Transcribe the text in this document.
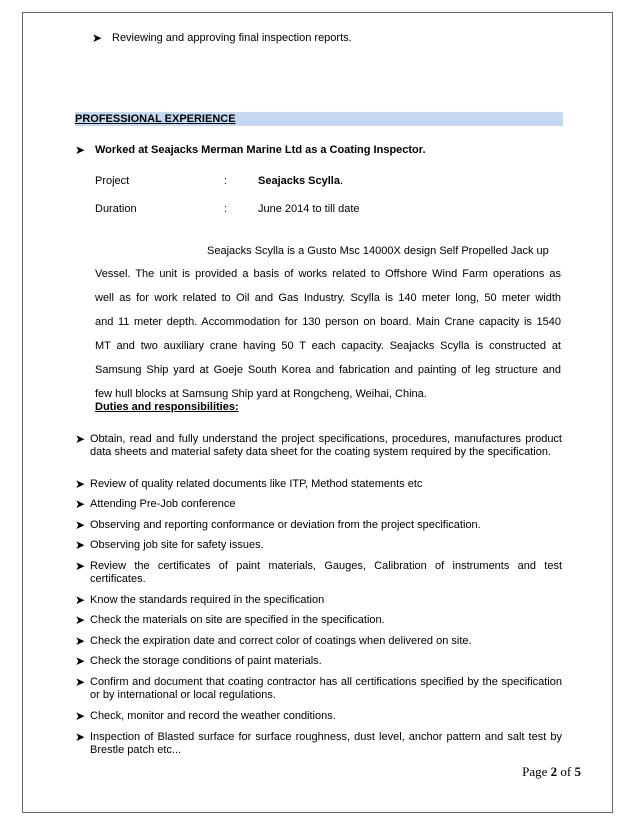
➤ Reviewing and approving final inspection reports.
PROFESSIONAL EXPERIENCE
➤ Worked at Seajacks Merman Marine Ltd as a Coating Inspector.
Project	:	Seajacks Scylla.
Duration	:	June 2014 to till date
Seajacks Scylla is a Gusto Msc 14000X design Self Propelled Jack up
Vessel. The unit is provided a basis of works related to Offshore Wind Farm operations as
well as for work related to Oil and Gas Industry. Scylla is 140 meter long, 50 meter width
and 11 meter depth. Accommodation for 130 person on board. Main Crane capacity is 1540
MT and two auxiliary crane having 50 T each capacity. Seajacks Scylla is constructed at
Samsung Ship yard at Goeje South Korea and fabrication and painting of leg structure and
few hull blocks at Samsung Ship yard at Rongcheng, Weihai, China.
Duties and responsibilities:
➤ Obtain, read and fully understand the project specifications, procedures, manufactures product data sheets and material safety data sheet for the coating system required by the specification.
➤ Review of quality related documents like ITP, Method statements etc
➤ Attending Pre-Job conference
➤ Observing and reporting conformance or deviation from the project specification.
➤ Observing job site for safety issues.
➤ Review the certificates of paint materials, Gauges, Calibration of instruments and test certificates.
➤ Know the standards required in the specification
➤ Check the materials on site are specified in the specification.
➤ Check the expiration date and correct color of coatings when delivered on site.
➤ Check the storage conditions of paint materials.
➤ Confirm and document that coating contractor has all certifications specified by the specification or by international or local regulations.
➤ Check, monitor and record the weather conditions.
➤ Inspection of Blasted surface for surface roughness, dust level, anchor pattern and salt test by Brestle patch etc...
Page 2 of 5
